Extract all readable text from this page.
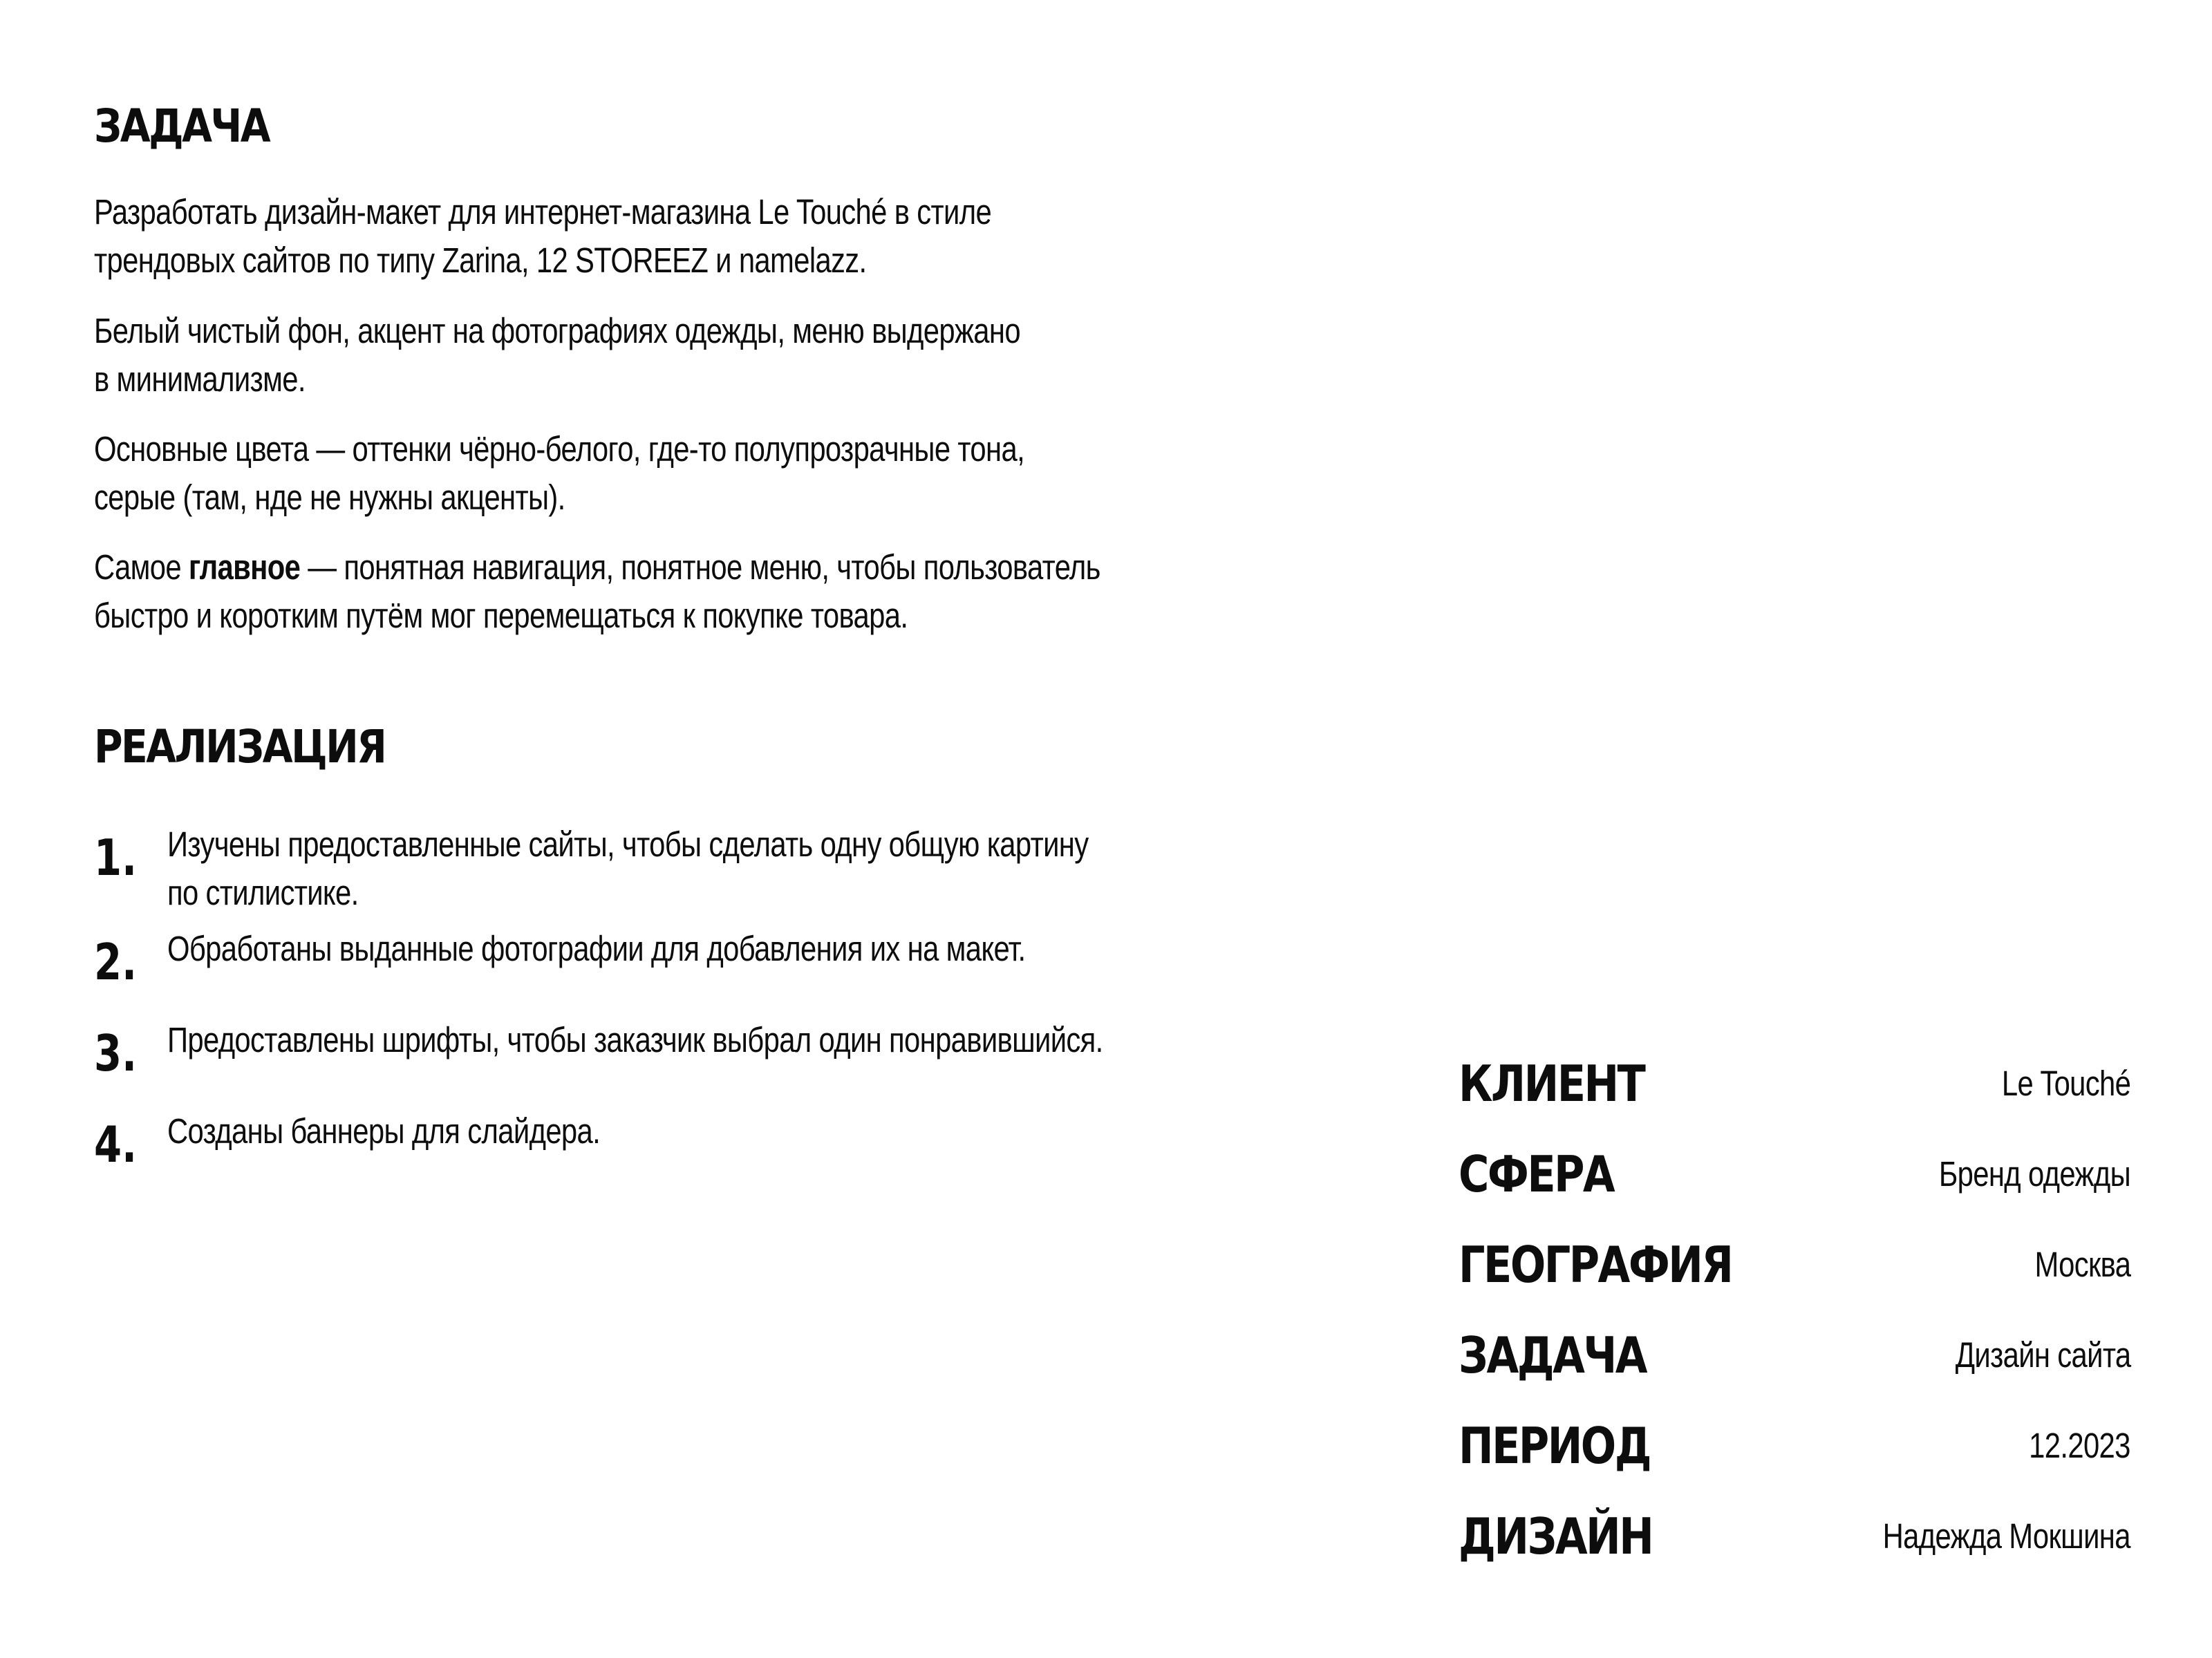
ЗАДАЧА

Разработать дизайн-макет для интернет-магазина Le Touché в стиле
трендовых сайтов по типу Zarina, 12 STOREEZ и namelazz.

Белый чистый фон, акцент на фотографиях одежды, меню выдержано
в минимализме.

Основные цвета — оттенки чёрно-белого, где-то полупрозрачные тона,
серые (там, нде не нужны акценты).

Самое главное — понятная навигация, понятное меню, чтобы пользователь
быстро и коротким путём мог перемещаться к покупке товара.

РЕАЛИЗАЦИЯ
1. Изучены предоставленные сайты, чтобы сделать одну общую картину
по стилистике.
2. Обработаны выданные фотографии для добавления их на макет.
3. Предоставлены шрифты, чтобы заказчик выбрал один понравившийся.
4. Созданы баннеры для слайдера.
КЛИЕНТ	Le Touché
СФЕРА	Бренд одежды
ГЕОГРАФИЯ	Москва
ЗАДАЧА	Дизайн сайта
ПЕРИОД	12.2023
ДИЗАЙН	Надежда Мокшина
